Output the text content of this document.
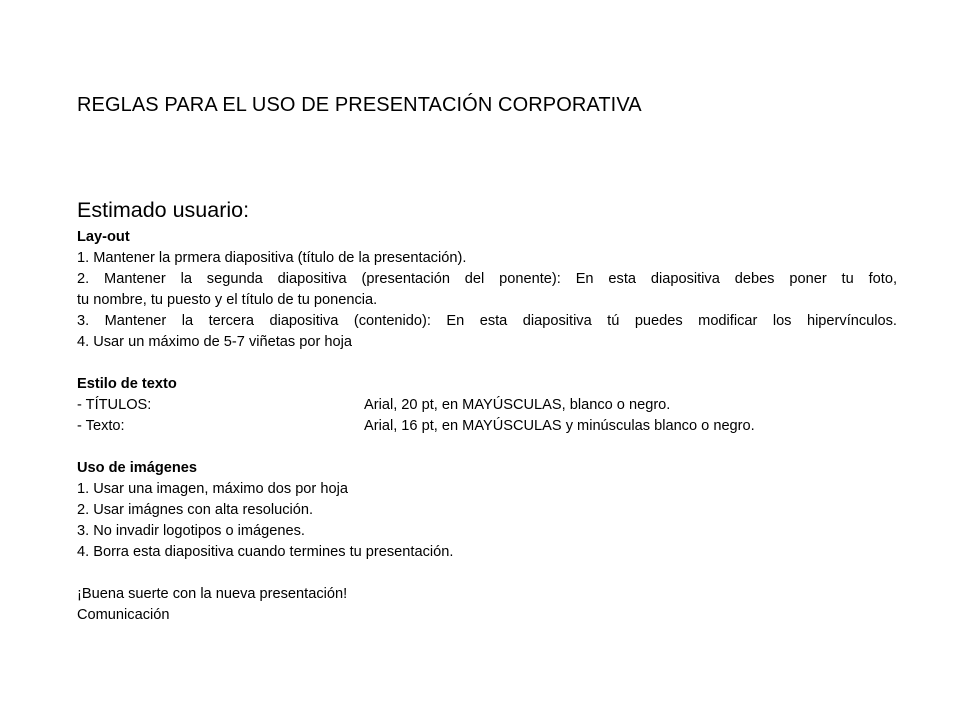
REGLAS PARA EL USO DE PRESENTACIÓN CORPORATIVA

Estimado usuario:

Lay-out

1. Mantener la prmera diapositiva (título de la presentación).

2. Mantener la segunda diapositiva (presentación del ponente): En esta diapositiva debes poner tu foto,

tu nombre, tu puesto y el título de tu ponencia.

3. Mantener la tercera diapositiva (contenido): En esta diapositiva tú puedes modificar los hipervínculos.

4. Usar un máximo de 5-7 viñetas por hoja

Estilo de texto

- TÍTULOS:	Arial, 20 pt, en MAYÚSCULAS, blanco o negro.
- Texto:	Arial, 16 pt, en MAYÚSCULAS y minúsculas blanco o negro.

Uso de imágenes

1. Usar una imagen, máximo dos por hoja

2. Usar imágnes con alta resolución.

3. No invadir logotipos o imágenes.

4. Borra esta diapositiva cuando termines tu presentación.

¡Buena suerte con la nueva presentación!

Comunicación
